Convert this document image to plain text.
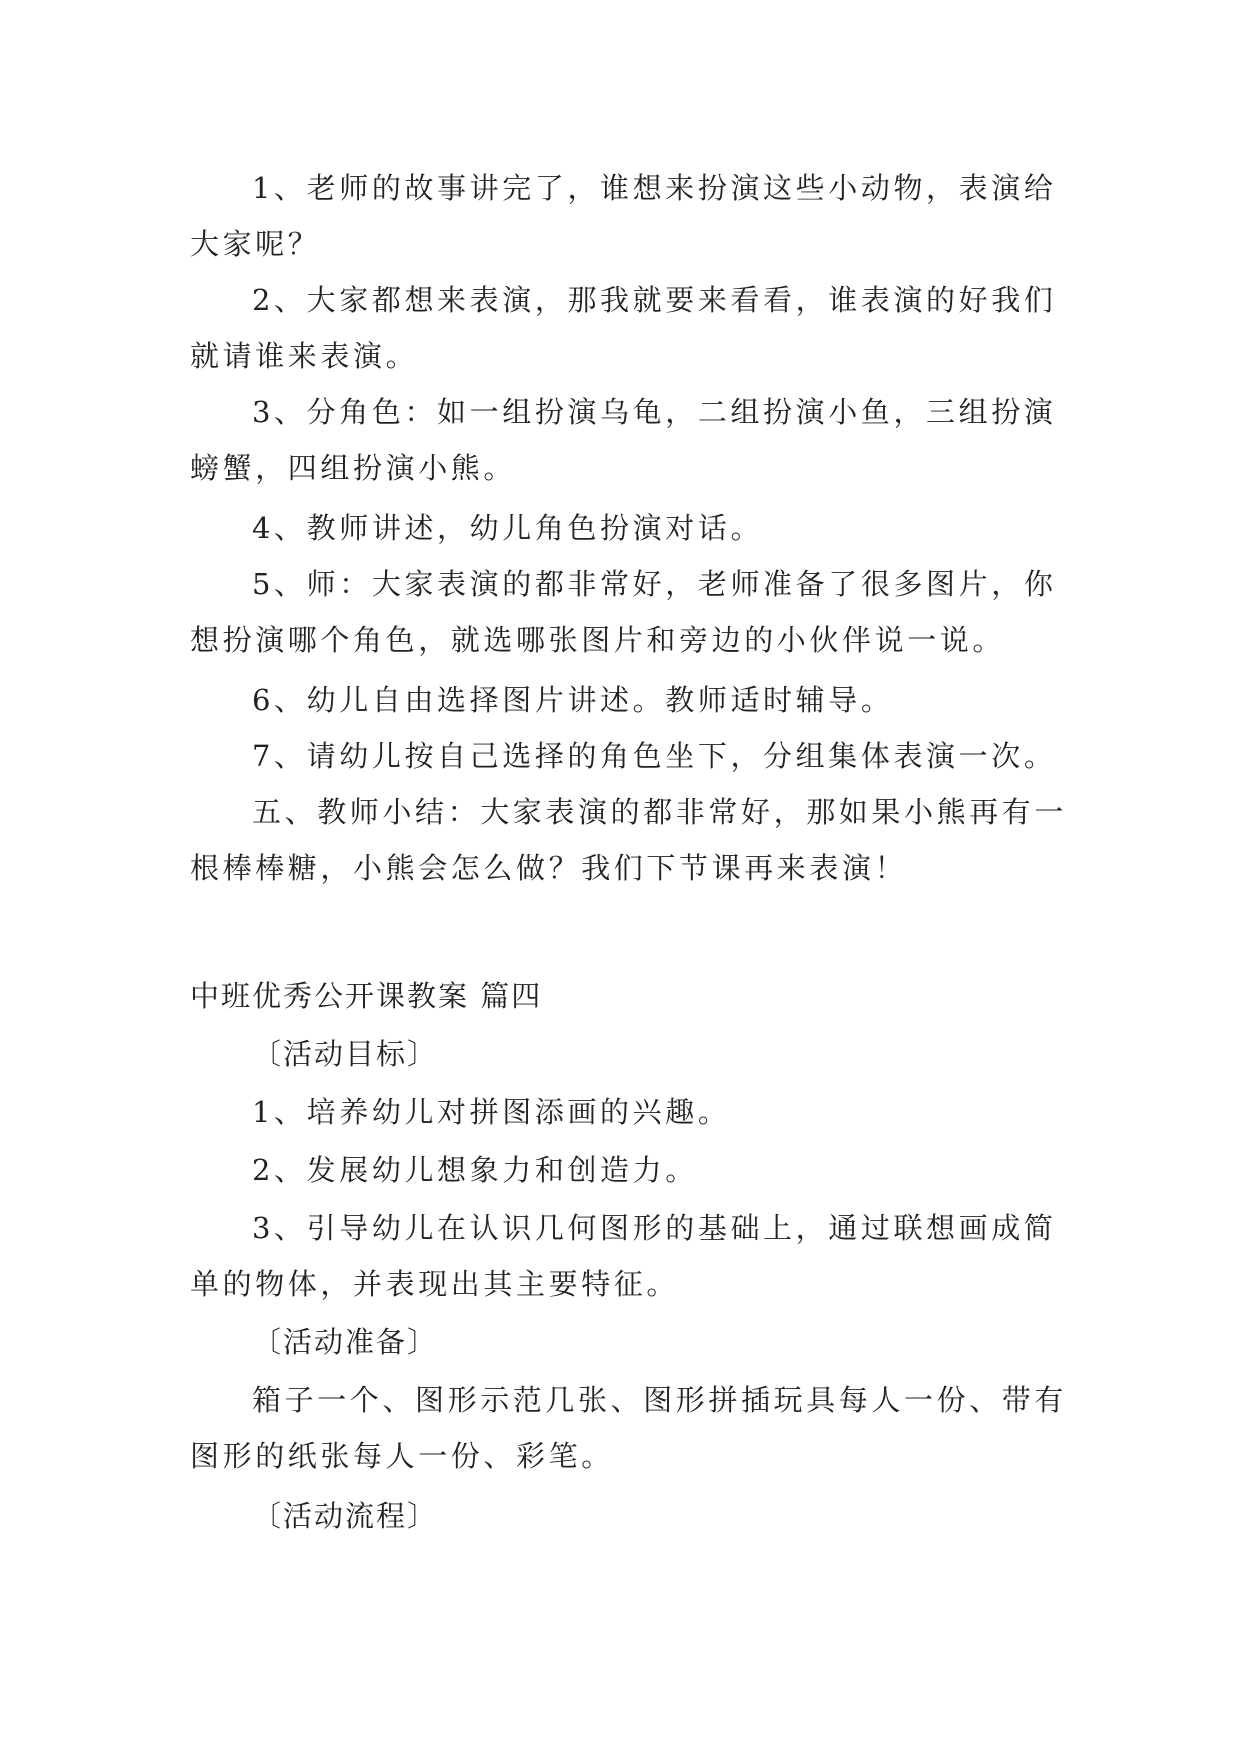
1、老师的故事讲完了，谁想来扮演这些小动物，表演给大家呢？
2、大家都想来表演，那我就要来看看，谁表演的好我们就请谁来表演。
3、分角色：如一组扮演乌龟，二组扮演小鱼，三组扮演螃蟹，四组扮演小熊。
4、教师讲述，幼儿角色扮演对话。
5、师：大家表演的都非常好，老师准备了很多图片，你想扮演哪个角色，就选哪张图片和旁边的小伙伴说一说。
6、幼儿自由选择图片讲述。教师适时辅导。
7、请幼儿按自己选择的角色坐下，分组集体表演一次。
五、教师小结：大家表演的都非常好，那如果小熊再有一根棒棒糖，小熊会怎么做？我们下节课再来表演！
中班优秀公开课教案 篇四
〔活动目标〕
1、培养幼儿对拼图添画的兴趣。
2、发展幼儿想象力和创造力。
3、引导幼儿在认识几何图形的基础上，通过联想画成简单的物体，并表现出其主要特征。
〔活动准备〕
箱子一个、图形示范几张、图形拼插玩具每人一份、带有图形的纸张每人一份、彩笔。
〔活动流程〕
